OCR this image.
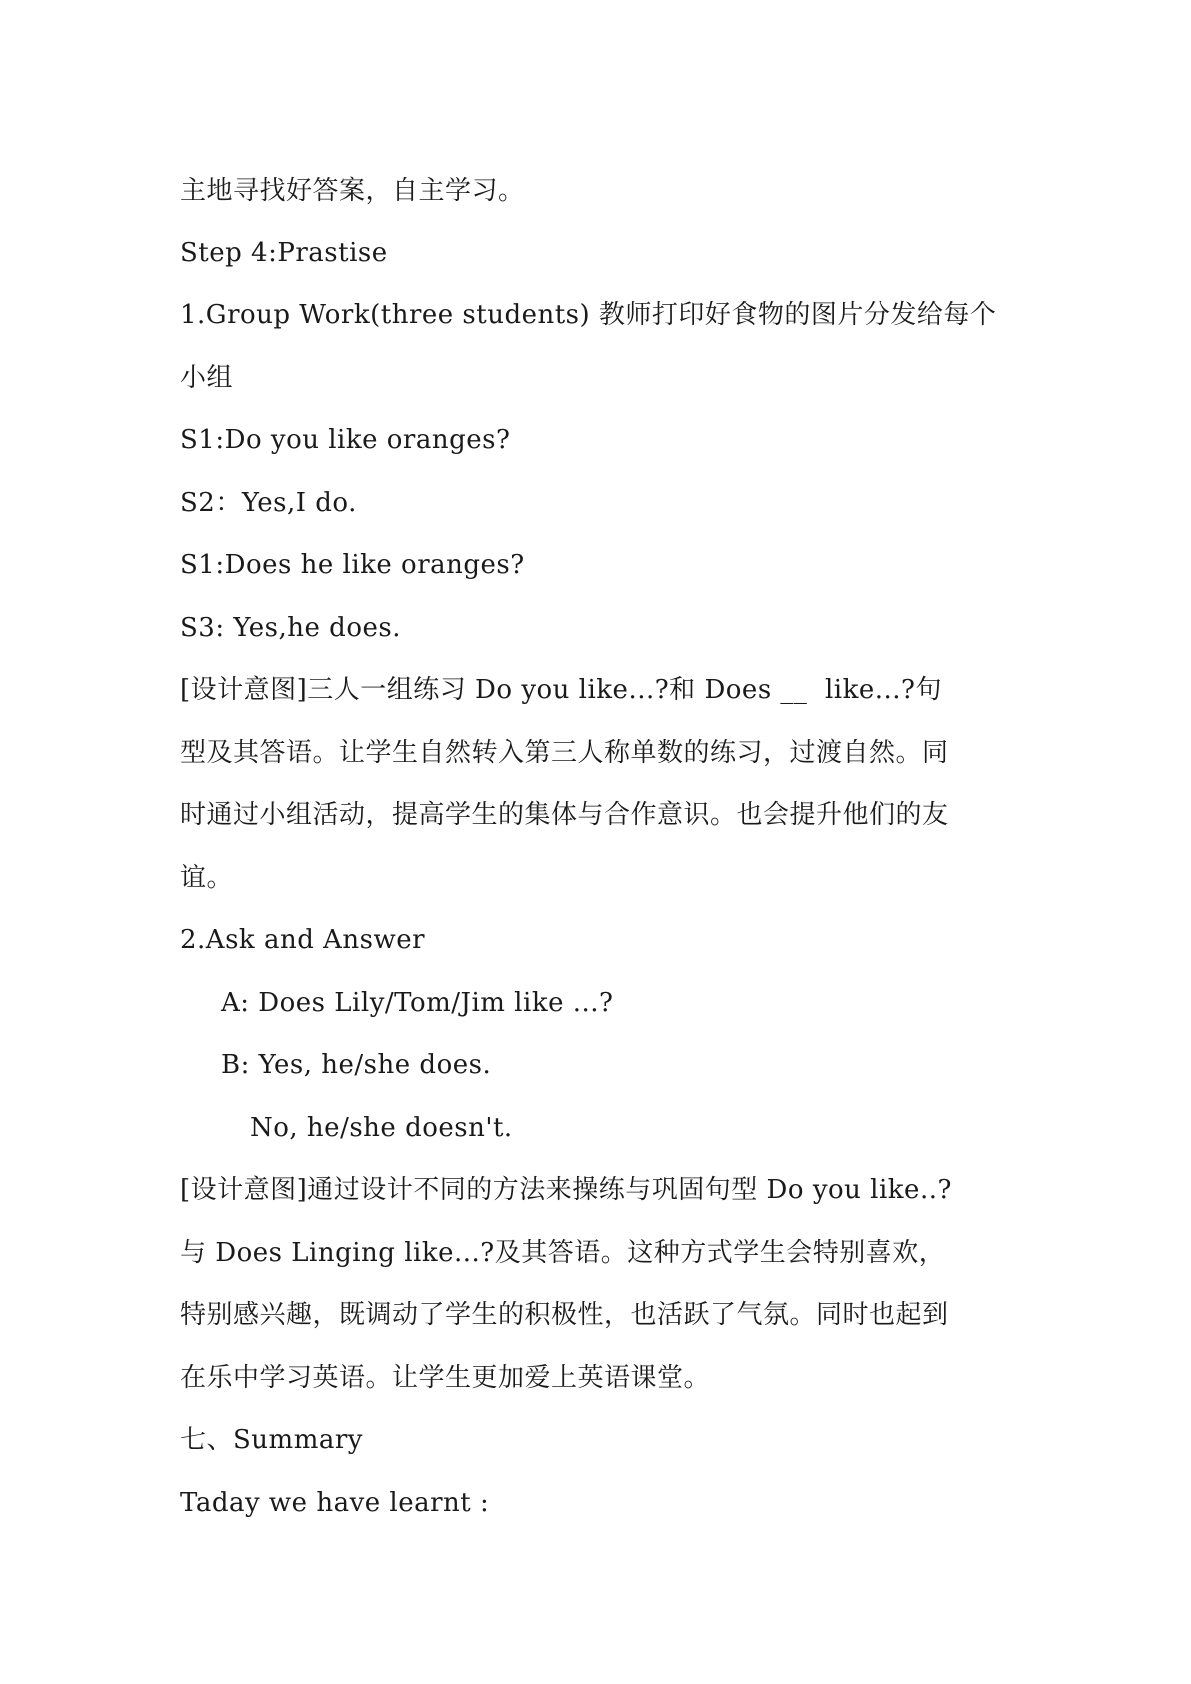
主地寻找好答案，自主学习。
Step 4:Prastise
1.Group Work(three students) 教师打印好食物的图片分发给每个
小组
S1:Do you like oranges?
S2：Yes,I do.
S1:Does he like oranges?
S3: Yes,he does.
[设计意图]三人一组练习 Do you like...?和 Does __  like...?句
型及其答语。让学生自然转入第三人称单数的练习，过渡自然。同
时通过小组活动，提高学生的集体与合作意识。也会提升他们的友
谊。
2.Ask and Answer
A: Does Lily/Tom/Jim like ...?
B: Yes, he/she does.
No, he/she doesn't.
[设计意图]通过设计不同的方法来操练与巩固句型 Do you like..?
与 Does Linging like...?及其答语。这种方式学生会特别喜欢，
特别感兴趣，既调动了学生的积极性，也活跃了气氛。同时也起到
在乐中学习英语。让学生更加爱上英语课堂。
七、Summary
Taday we have learnt :
